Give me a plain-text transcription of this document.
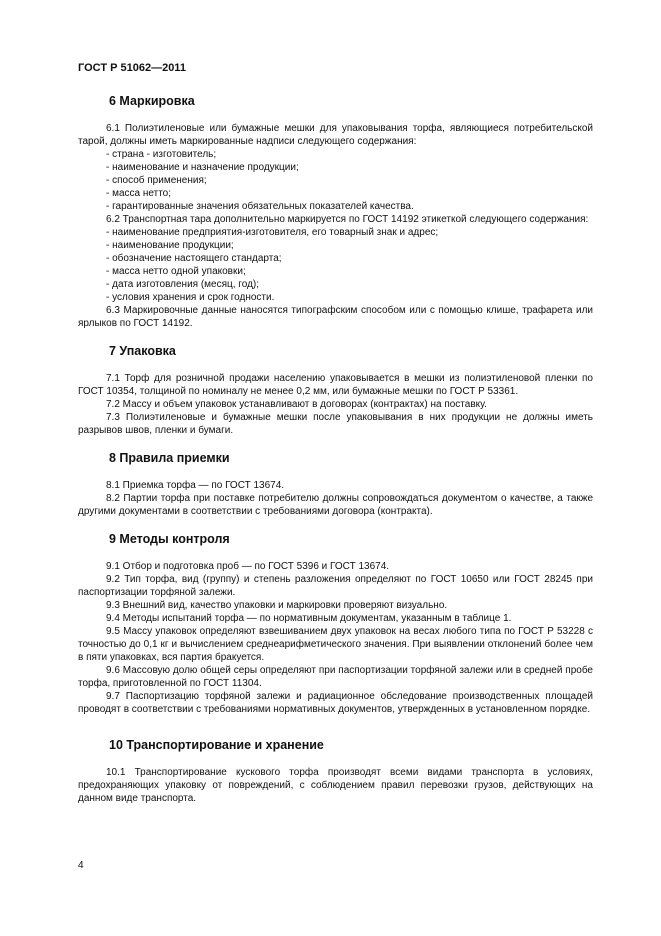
ГОСТ Р 51062—2011
6 Маркировка

6.1 Полиэтиленовые или бумажные мешки для упаковывания торфа, являющиеся потребительской тарой, должны иметь маркированные надписи следующего содержания:

- страна - изготовитель;
- наименование и назначение продукции;
- способ применения;
- масса нетто;
- гарантированные значения обязательных показателей качества.

6.2 Транспортная тара дополнительно маркируется по ГОСТ 14192 этикеткой следующего содержания:

- наименование предприятия-изготовителя, его товарный знак и адрес;
- наименование продукции;
- обозначение настоящего стандарта;
- масса нетто одной упаковки;
- дата изготовления (месяц, год);
- условия хранения и срок годности.

6.3 Маркировочные данные наносятся типографским способом или с помощью клише, трафарета или ярлыков по ГОСТ 14192.

7 Упаковка

7.1 Торф для розничной продажи населению упаковывается в мешки из полиэтиленовой пленки по ГОСТ 10354, толщиной по номиналу не менее 0,2 мм, или бумажные мешки по ГОСТ Р 53361.

7.2 Массу и объем упаковок устанавливают в договорах (контрактах) на поставку.

7.3 Полиэтиленовые и бумажные мешки после упаковывания в них продукции не должны иметь разрывов швов, пленки и бумаги.

8 Правила приемки

8.1 Приемка торфа — по ГОСТ 13674.

8.2 Партии торфа при поставке потребителю должны сопровождаться документом о качестве, а также другими документами в соответствии с требованиями договора (контракта).

9 Методы контроля

9.1 Отбор и подготовка проб — по ГОСТ 5396 и ГОСТ 13674.

9.2 Тип торфа, вид (группу) и степень разложения определяют по ГОСТ 10650 или ГОСТ 28245 при паспортизации торфяной залежи.

9.3 Внешний вид, качество упаковки и маркировки проверяют визуально.

9.4 Методы испытаний торфа — по нормативным документам, указанным в таблице 1.

9.5 Массу упаковок определяют взвешиванием двух упаковок на весах любого типа по ГОСТ Р 53228 с точностью до 0,1 кг и вычислением среднеарифметического значения. При выявлении отклонений более чем в пяти упаковках, вся партия бракуется.

9.6 Массовую долю общей серы определяют при паспортизации торфяной залежи или в средней пробе торфа, приготовленной по ГОСТ 11304.

9.7 Паспортизацию торфяной залежи и радиационное обследование производственных площадей проводят в соответствии с требованиями нормативных документов, утвержденных в установленном порядке.

10 Транспортирование и хранение

10.1 Транспортирование кускового торфа производят всеми видами транспорта в условиях, предохраняющих упаковку от повреждений, с соблюдением правил перевозки грузов, действующих на данном виде транспорта.

4
